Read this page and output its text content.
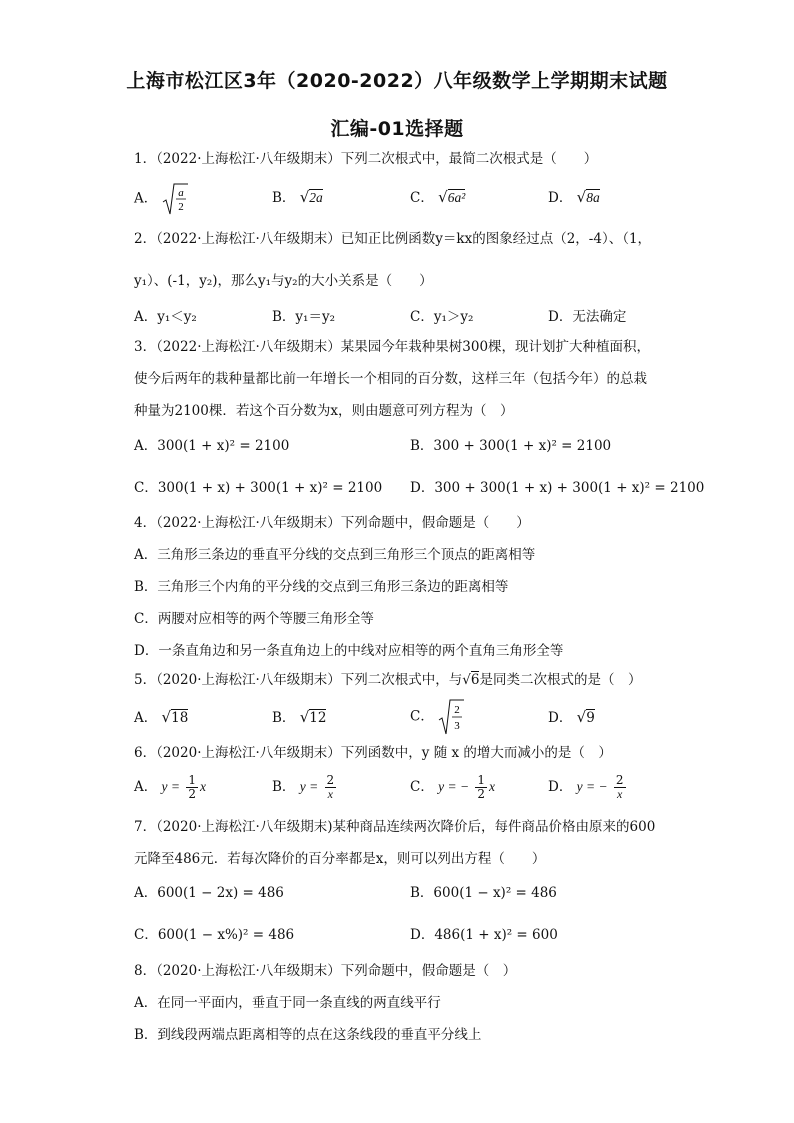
上海市松江区3年（2020-2022）八年级数学上学期期末试题
汇编-01选择题
1．（2022·上海松江·八年级期末）下列二次根式中，最简二次根式是（　　）
A． a
2
B． √2a	C． √6a²	D． √8a
2．（2022·上海松江·八年级期末）已知正比例函数y＝kx的图象经过点（2，-4）、（1，
y₁）、(-1，y₂)，那么y₁与y₂的大小关系是（　　）
A．y₁＜y₂	B．y₁＝y₂	C．y₁＞y₂	D．无法确定
3．（2022·上海松江·八年级期末）某果园今年栽种果树300棵，现计划扩大种植面积，
使今后两年的栽种量都比前一年增长一个相同的百分数，这样三年（包括今年）的总栽
种量为2100棵．若这个百分数为x，则由题意可列方程为（　）
A．300(1 + x)² = 2100	B．300 + 300(1 + x)² = 2100
C．300(1 + x) + 300(1 + x)² = 2100 D．300 + 300(1 + x) + 300(1 + x)² = 2100
4．（2022·上海松江·八年级期末）下列命题中，假命题是（　　）
A．三角形三条边的垂直平分线的交点到三角形三个顶点的距离相等
B．三角形三个内角的平分线的交点到三角形三条边的距离相等
C．两腰对应相等的两个等腰三角形全等
D．一条直角边和另一条直角边上的中线对应相等的两个直角三角形全等
5．（2020·上海松江·八年级期末）下列二次根式中，与√6是同类二次根式的是（　）
A． √18	B． √12	C． 2
3	D． √9
6．（2020·上海松江·八年级期末）下列函数中，y 随 x 的增大而减小的是（　）
A． $y = \frac{1}{2}$ x	B． $y = \frac{2}{x}$	C． y = − $\frac{1}{2}$ x	D． y = − $\frac{2}{x}$
7．（2020·上海松江·八年级期末)某种商品连续两次降价后，每件商品价格由原来的600
元降至486元．若每次降价的百分率都是x，则可以列出方程（　　）
A．600(1 − 2x) = 486	B．600(1 − x)² = 486
C．600(1 − x%)² = 486	D．486(1 + x)² = 600
8．（2020·上海松江·八年级期末）下列命题中，假命题是（　）
A．在同一平面内，垂直于同一条直线的两直线平行
B．到线段两端点距离相等的点在这条线段的垂直平分线上
